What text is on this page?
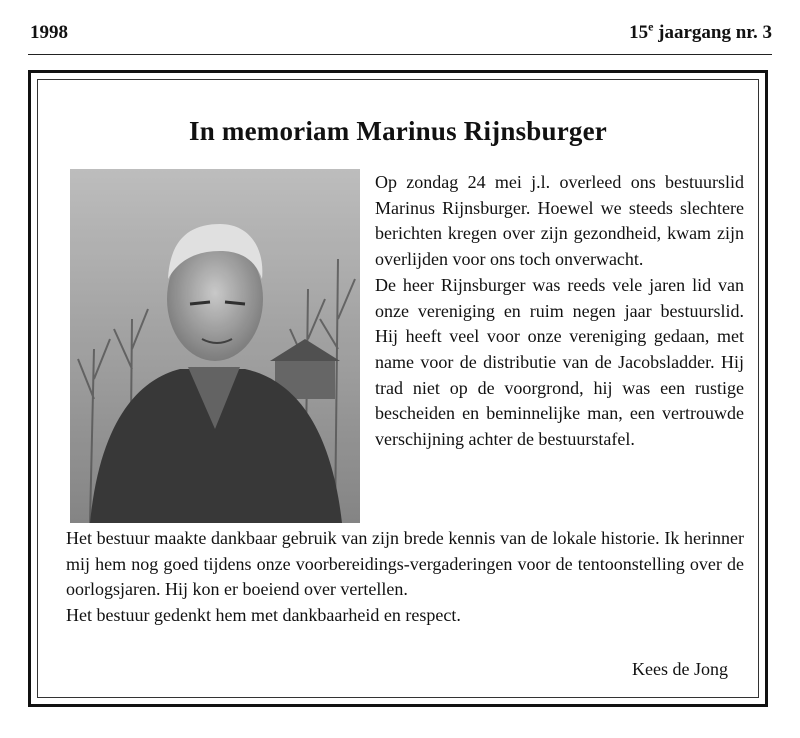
1998	15e jaargang nr. 3
In memoriam Marinus Rijnsburger

Op zondag 24 mei j.l. overleed ons bestuurslid Marinus Rijnsburger. Hoewel we steeds slechtere berichten kregen over zijn gezondheid, kwam zijn overlijden voor ons toch onverwacht.

De heer Rijnsburger was reeds vele jaren lid van onze vereniging en ruim negen jaar bestuurslid. Hij heeft veel voor onze vereniging gedaan, met name voor de distributie van de Jacobsladder. Hij trad niet op de voorgrond, hij was een rustige bescheiden en beminnelijke man, een vertrouwde verschijning achter de bestuurstafel.

Het bestuur maakte dankbaar gebruik van zijn brede kennis van de lokale historie. Ik herinner mij hem nog goed tijdens onze voorbereidings-vergaderingen voor de tentoonstelling over de oorlogsjaren. Hij kon er boeiend over vertellen.

Het bestuur gedenkt hem met dankbaarheid en respect.

Kees de Jong
